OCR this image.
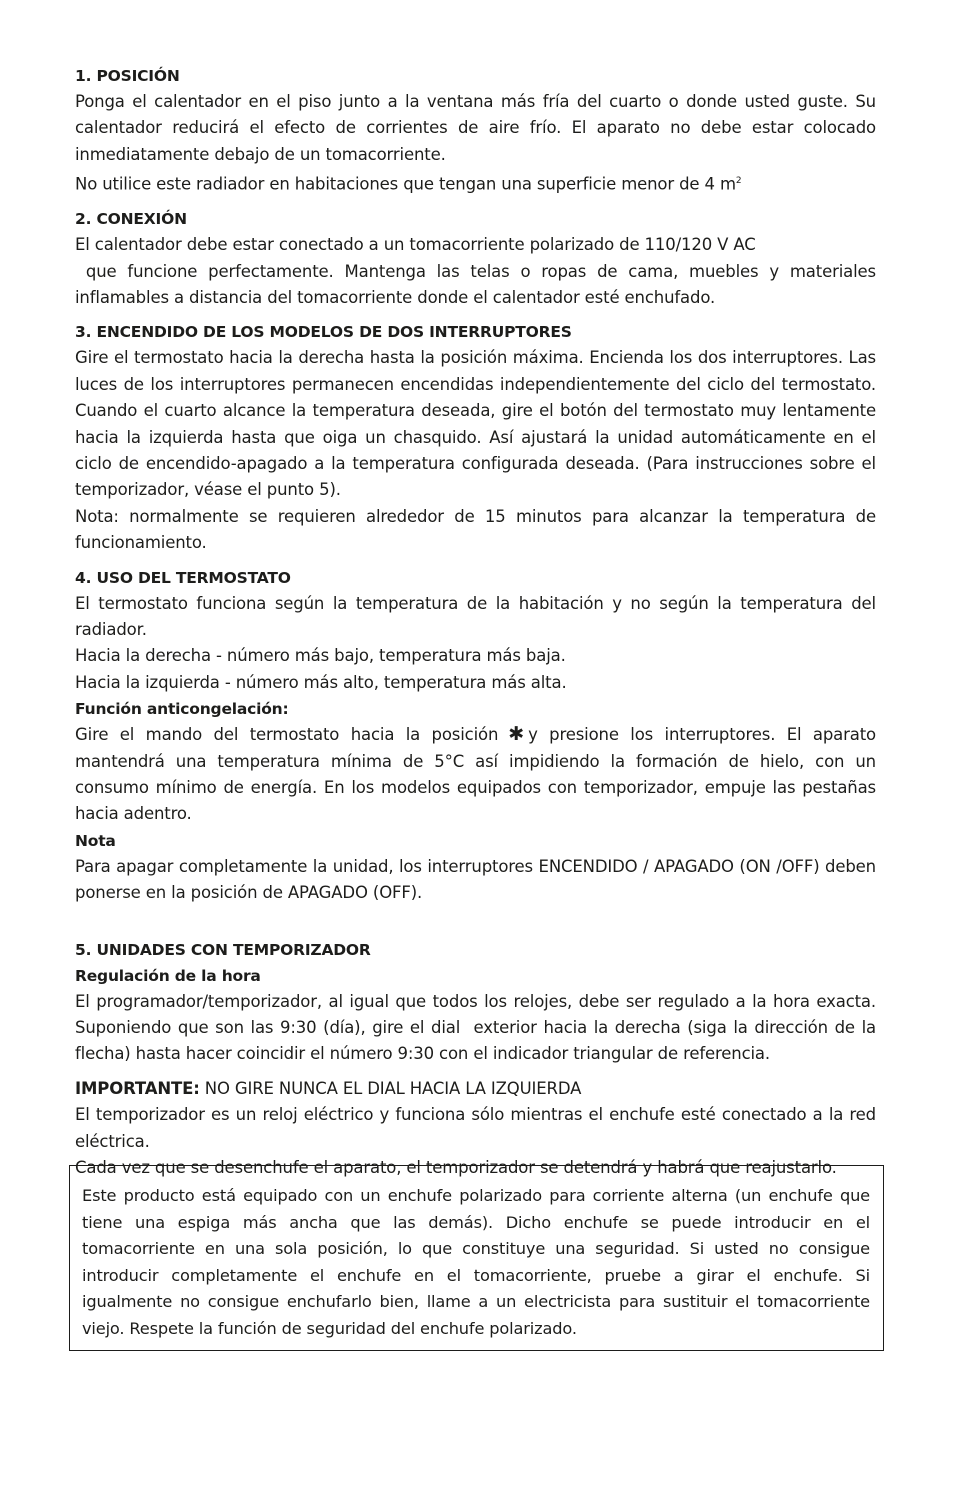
1. POSICIÓN

Ponga el calentador en el piso junto a la ventana más fría del cuarto o donde usted guste. Su calentador reducirá el efecto de corrientes de aire frío. El aparato no debe estar colocado inmediatamente debajo de un tomacorriente.

No utilice este radiador en habitaciones que tengan una superficie menor de 4 $m^2$

2. CONEXIÓN

El calentador debe estar conectado a un tomacorriente polarizado de 110/120 V AC

que funcione perfectamente. Mantenga las telas o ropas de cama, muebles y materiales inflamables a distancia del tomacorriente donde el calentador esté enchufado.

3. ENCENDIDO DE LOS MODELOS DE DOS INTERRUPTORES

Gire el termostato hacia la derecha hasta la posición máxima. Encienda los dos interruptores. Las luces de los interruptores permanecen encendidas independientemente del ciclo del termostato. Cuando el cuarto alcance la temperatura deseada, gire el botón del termostato muy lentamente hacia la izquierda hasta que oiga un chasquido. Así ajustará la unidad automáticamente en el ciclo de encendido-apagado a la temperatura configurada deseada. (Para instrucciones sobre el temporizador, véase el punto 5).

Nota: normalmente se requieren alrededor de 15 minutos para alcanzar la temperatura de funcionamiento.

4. USO DEL TERMOSTATO

El termostato funciona según la temperatura de la habitación y no según la temperatura del radiador.

Hacia la derecha - número más bajo, temperatura más baja.

Hacia la izquierda - número más alto, temperatura más alta.

Función anticongelación:

Gire el mando del termostato hacia la posición ✱ y presione los interruptores. El aparato mantendrá una temperatura mínima de 5°C así impidiendo la formación de hielo, con un consumo mínimo de energía. En los modelos equipados con temporizador, empuje las pestañas hacia adentro.

Nota

Para apagar completamente la unidad, los interruptores ENCENDIDO / APAGADO (ON /OFF) deben ponerse en la posición de APAGADO (OFF).

5. UNIDADES CON TEMPORIZADOR
Regulación de la hora

El programador/temporizador, al igual que todos los relojes, debe ser regulado a la hora exacta. Suponiendo que son las 9:30 (día), gire el dial  exterior hacia la derecha (siga la dirección de la flecha) hasta hacer coincidir el número 9:30 con el indicador triangular de referencia.

IMPORTANTE: NO GIRE NUNCA EL DIAL HACIA LA IZQUIERDA

El temporizador es un reloj eléctrico y funciona sólo mientras el enchufe esté conectado a la red eléctrica.

Cada vez que se desenchufe el aparato, el temporizador se detendrá y habrá que reajustarlo.

Este producto está equipado con un enchufe polarizado para corriente alterna (un enchufe que tiene una espiga más ancha que las demás). Dicho enchufe se puede introducir en el tomacorriente en una sola posición, lo que constituye una seguridad. Si usted no consigue introducir completamente el enchufe en el tomacorriente, pruebe a girar el enchufe. Si igualmente no consigue enchufarlo bien, llame a un electricista para sustituir el tomacorriente viejo. Respete la función de seguridad del enchufe polarizado.
